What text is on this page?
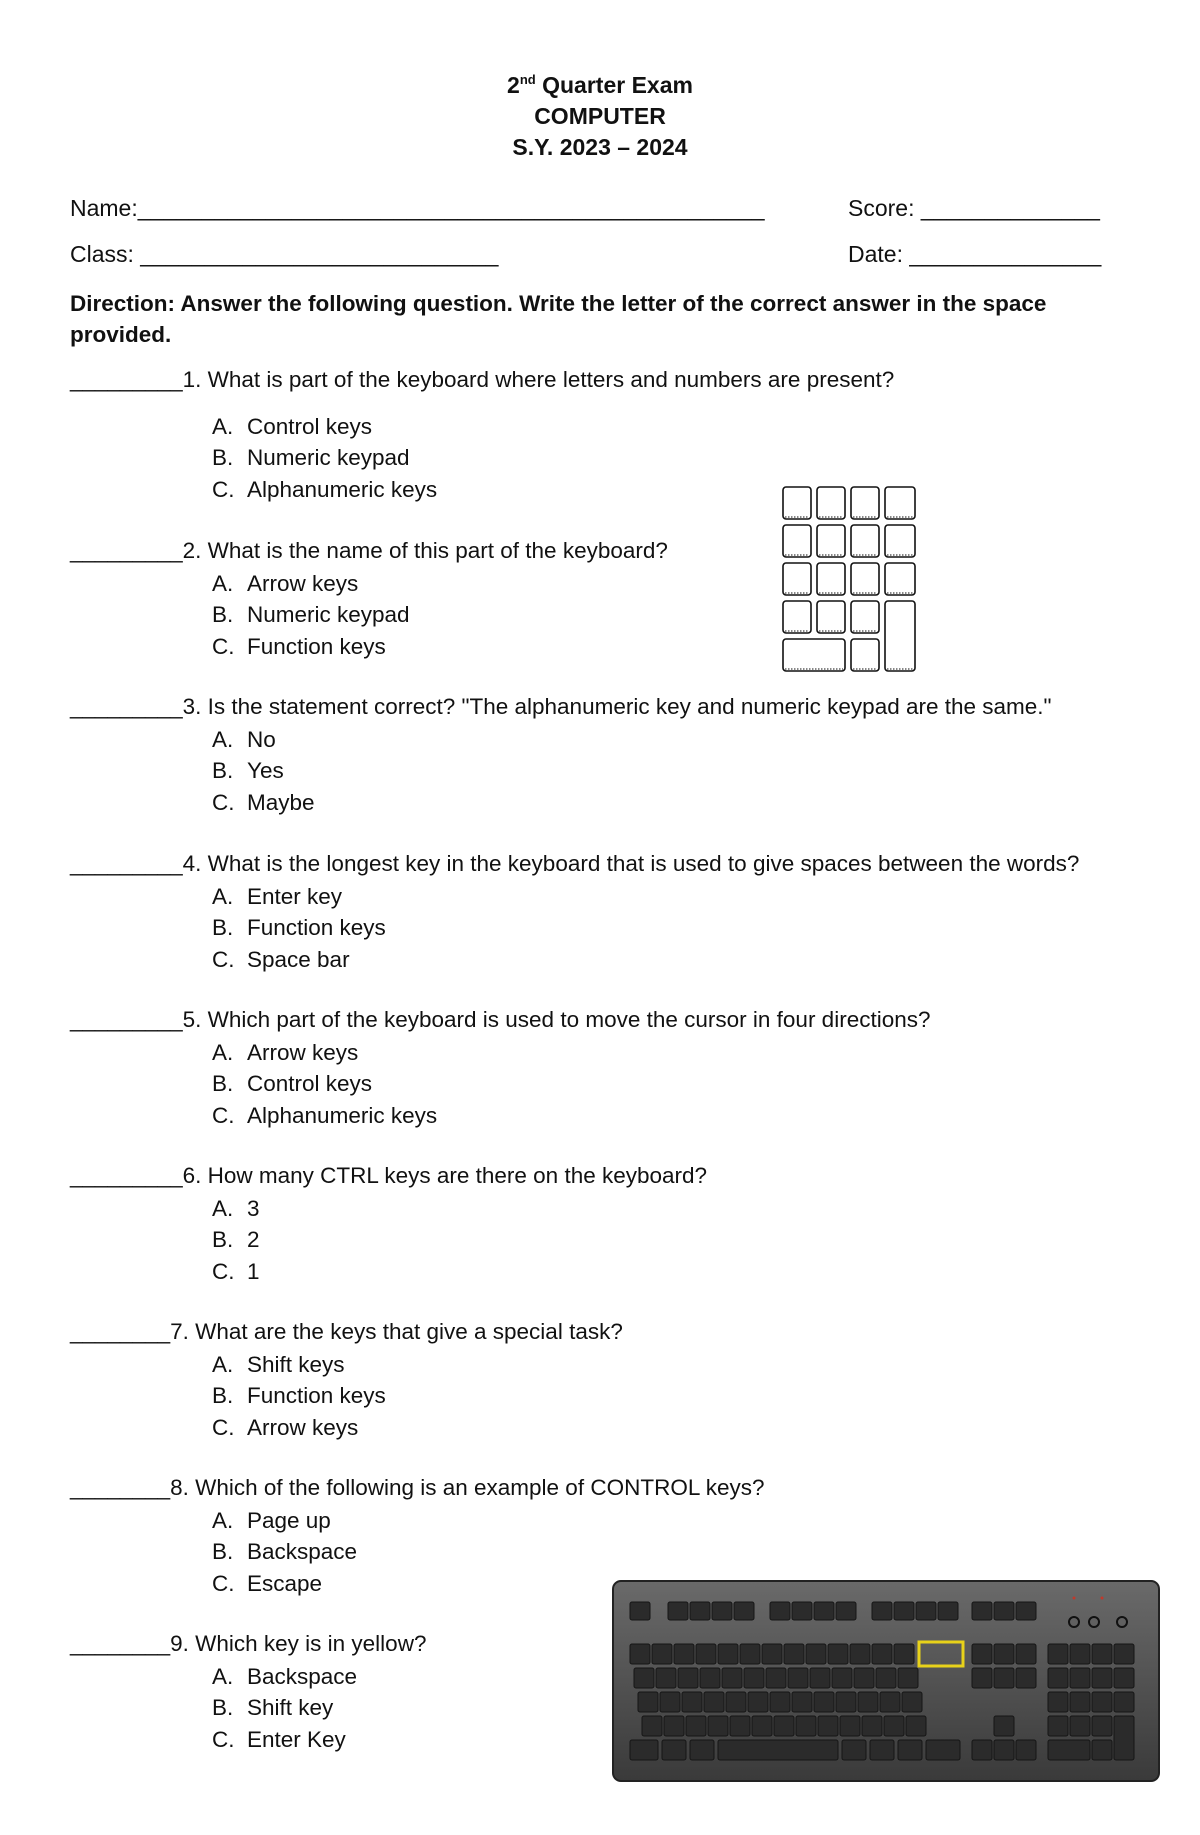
2nd Quarter Exam
COMPUTER
S.Y. 2023 – 2024
Name:_________________________________________________	Score: ______________
Class: ____________________________	Date: _______________
Direction: Answer the following question. Write the letter of the correct answer in the space provided.
_________1. What is part of the keyboard where letters and numbers are present?
A. Control keys
B. Numeric keypad
C. Alphanumeric keys
_________2. What is the name of this part of the keyboard?
A. Arrow keys
B. Numeric keypad
C. Function keys
_________3. Is the statement correct? "The alphanumeric key and numeric keypad are the same."
A. No
B. Yes
C. Maybe
_________4. What is the longest key in the keyboard that is used to give spaces between the words?
A. Enter key
B. Function keys
C. Space bar
_________5. Which part of the keyboard is used to move the cursor in four directions?
A. Arrow keys
B. Control keys
C. Alphanumeric keys
_________6. How many CTRL keys are there on the keyboard?
A. 3
B. 2
C. 1
________7. What are the keys that give a special task?
A. Shift keys
B. Function keys
C. Arrow keys
________8. Which of the following is an example of CONTROL keys?
A. Page up
B. Backspace
C. Escape
________9. Which key is in yellow?
A. Backspace
B. Shift key
C. Enter Key
